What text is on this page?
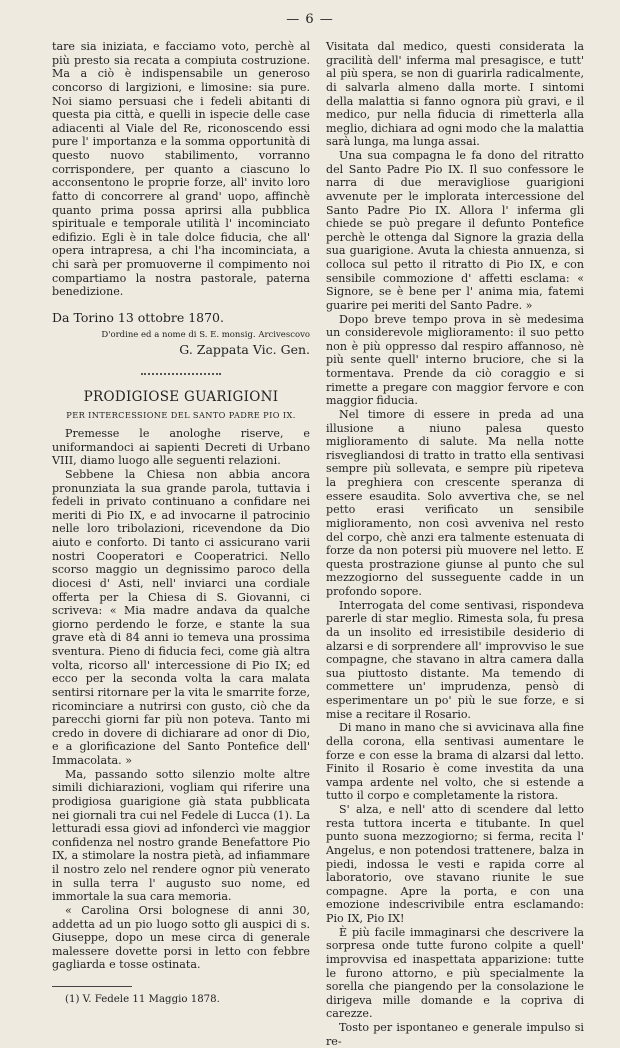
— 6 —

tare sia iniziata, e facciamo voto, perchè al più presto sia recata a compiuta costruzione. Ma a ciò è indispensabile un generoso concorso di largizioni, e limosine: sia pure. Noi siamo persuasi che i fedeli abitanti di questa pia città, e quelli in ispecie delle case adiacenti al Viale del Re, riconoscendo essi pure l' importanza e la somma opportunità di questo nuovo stabilimento, vorranno corrispondere, per quanto a ciascuno lo acconsentono le proprie forze, all' invito loro fatto di concorrere al grand' uopo, affinchè quanto prima possa aprirsi alla pubblica spirituale e temporale utilità l' incominciato edifizio. Egli è in tale dolce fiducia, che all' opera intrapresa, a chi l'ha incominciata, a chi sarà per promuoverne il compimento noi compartiamo la nostra pastorale, paterna benedizione.

Da Torino 13 ottobre 1870.

D'ordine ed a nome di S. E. monsig. Arcivescovo
G. Zappata Vic. Gen.
PRODIGIOSE GUARIGIONI
PER INTERCESSIONE DEL SANTO PADRE PIO IX.

Premesse le anologhe riserve, e uniformandoci ai sapienti Decreti di Urbano VIII, diamo luogo alle seguenti relazioni.

Sebbene la Chiesa non abbia ancora pronunziata la sua grande parola, tuttavia i fedeli in privato continuano a confidare nei meriti di Pio IX, e ad invocarne il patrocinio nelle loro tribolazioni, ricevendone da Dio aiuto e conforto. Di tanto ci assicurano varii nostri Cooperatori e Cooperatrici. Nello scorso maggio un degnissimo paroco della diocesi d' Asti, nell' inviarci una cordiale offerta per la Chiesa di S. Giovanni, ci scriveva: « Mia madre andava da qualche giorno perdendo le forze, e stante la sua grave età di 84 anni io temeva una prossima sventura. Pieno di fiducia feci, come già altra volta, ricorso all' intercessione di Pio IX; ed ecco per la seconda volta la cara malata sentirsi ritornare per la vita le smarrite forze, ricominciare a nutrirsi con gusto, ciò che da parecchi giorni far più non poteva. Tanto mi credo in dovere di dichiarare ad onor di Dio, e a glorificazione del Santo Pontefice dell' Immacolata. »

Ma, passando sotto silenzio molte altre simili dichiarazioni, vogliam qui riferire una prodigiosa guarigione già stata pubblicata nei giornali tra cui nel Fedele di Lucca (1). La letturadi essa giovi ad infondercì vie maggior confidenza nel nostro grande Benefattore Pio IX, a stimolare la nostra pietà, ad infiammare il nostro zelo nel rendere ognor più venerato in sulla terra l' augusto suo nome, ed immortale la sua cara memoria.

« Carolina Orsi bolognese di anni 30, addetta ad un pio luogo sotto gli auspici di s. Giuseppe, dopo un mese circa di generale malessere dovette porsi in letto con febbre gagliarda e tosse ostinata.

(1) V. Fedele 11 Maggio 1878.

Visitata dal medico, questi considerata la gracilità dell' inferma mal presagisce, e tutt' al più spera, se non di guarirla radicalmente, di salvarla almeno dalla morte. I sintomi della malattia si fanno ognora più gravi, e il medico, pur nella fiducia di rimetterla alla meglio, dichiara ad ogni modo che la malattia sarà lunga, ma lunga assai.

Una sua compagna le fa dono del ritratto del Santo Padre Pio IX. Il suo confessore le narra di due meravigliose guarigioni avvenute per le implorata intercessione del Santo Padre Pio IX. Allora l' inferma gli chiede se può pregare il defunto Pontefice perchè le ottenga dal Signore la grazia della sua guarigione. Avuta la chiesta annuenza, si colloca sul petto il ritratto di Pio IX, e con sensibile commozione d' affetti esclama: « Signore, se è bene per l' anima mia, fatemi guarire pei meriti del Santo Padre. »

Dopo breve tempo prova in sè medesima un considerevole miglioramento: il suo petto non è più oppresso dal respiro affannoso, nè più sente quell' interno bruciore, che si la tormentava. Prende da ciò coraggio e si rimette a pregare con maggior fervore e con maggior fiducia.

Nel timore di essere in preda ad una illusione a niuno palesa questo miglioramento di salute. Ma nella notte risvegliandosi di tratto in tratto ella sentivasi sempre più sollevata, e sempre più ripeteva la preghiera con crescente speranza di essere esaudita. Solo avvertiva che, se nel petto erasi verificato un sensibile miglioramento, non così avveniva nel resto del corpo, chè anzi era talmente estenuata di forze da non potersi più muovere nel letto. E questa prostrazione giunse al punto che sul mezzogiorno del susseguente cadde in un profondo sopore.

Interrogata del come sentivasi, rispondeva parerle di star meglio. Rimesta sola, fu presa da un insolito ed irresistibile desiderio di alzarsi e di sorprendere all' improvviso le sue compagne, che stavano in altra camera dalla sua piuttosto distante. Ma temendo di commettere un' imprudenza, pensò di esperimentare un po' più le sue forze, e si mise a recitare il Rosario.

Di mano in mano che si avvicinava alla fine della corona, ella sentivasi aumentare le forze e con esse la brama di alzarsi dal letto. Finito il Rosario è come investita da una vampa ardente nel volto, che si estende a tutto il corpo e completamente la ristora.

S' alza, e nell' atto di scendere dal letto resta tuttora incerta e titubante. In quel punto suona mezzogiorno; si ferma, recita l' Angelus, e non potendosi trattenere, balza in piedi, indossa le vesti e rapida corre al laboratorio, ove stavano riunite le sue compagne. Apre la porta, e con una emozione indescrivibile entra esclamando: Pio IX, Pio IX!

È più facile immaginarsi che descrivere la sorpresa onde tutte furono colpite a quell' improvvisa ed inaspettata apparizione: tutte le furono attorno, e più specialmente la sorella che piangendo per la consolazione le dirigeva mille domande e la copriva di carezze.

Tosto per ispontaneo e generale impulso si re-
